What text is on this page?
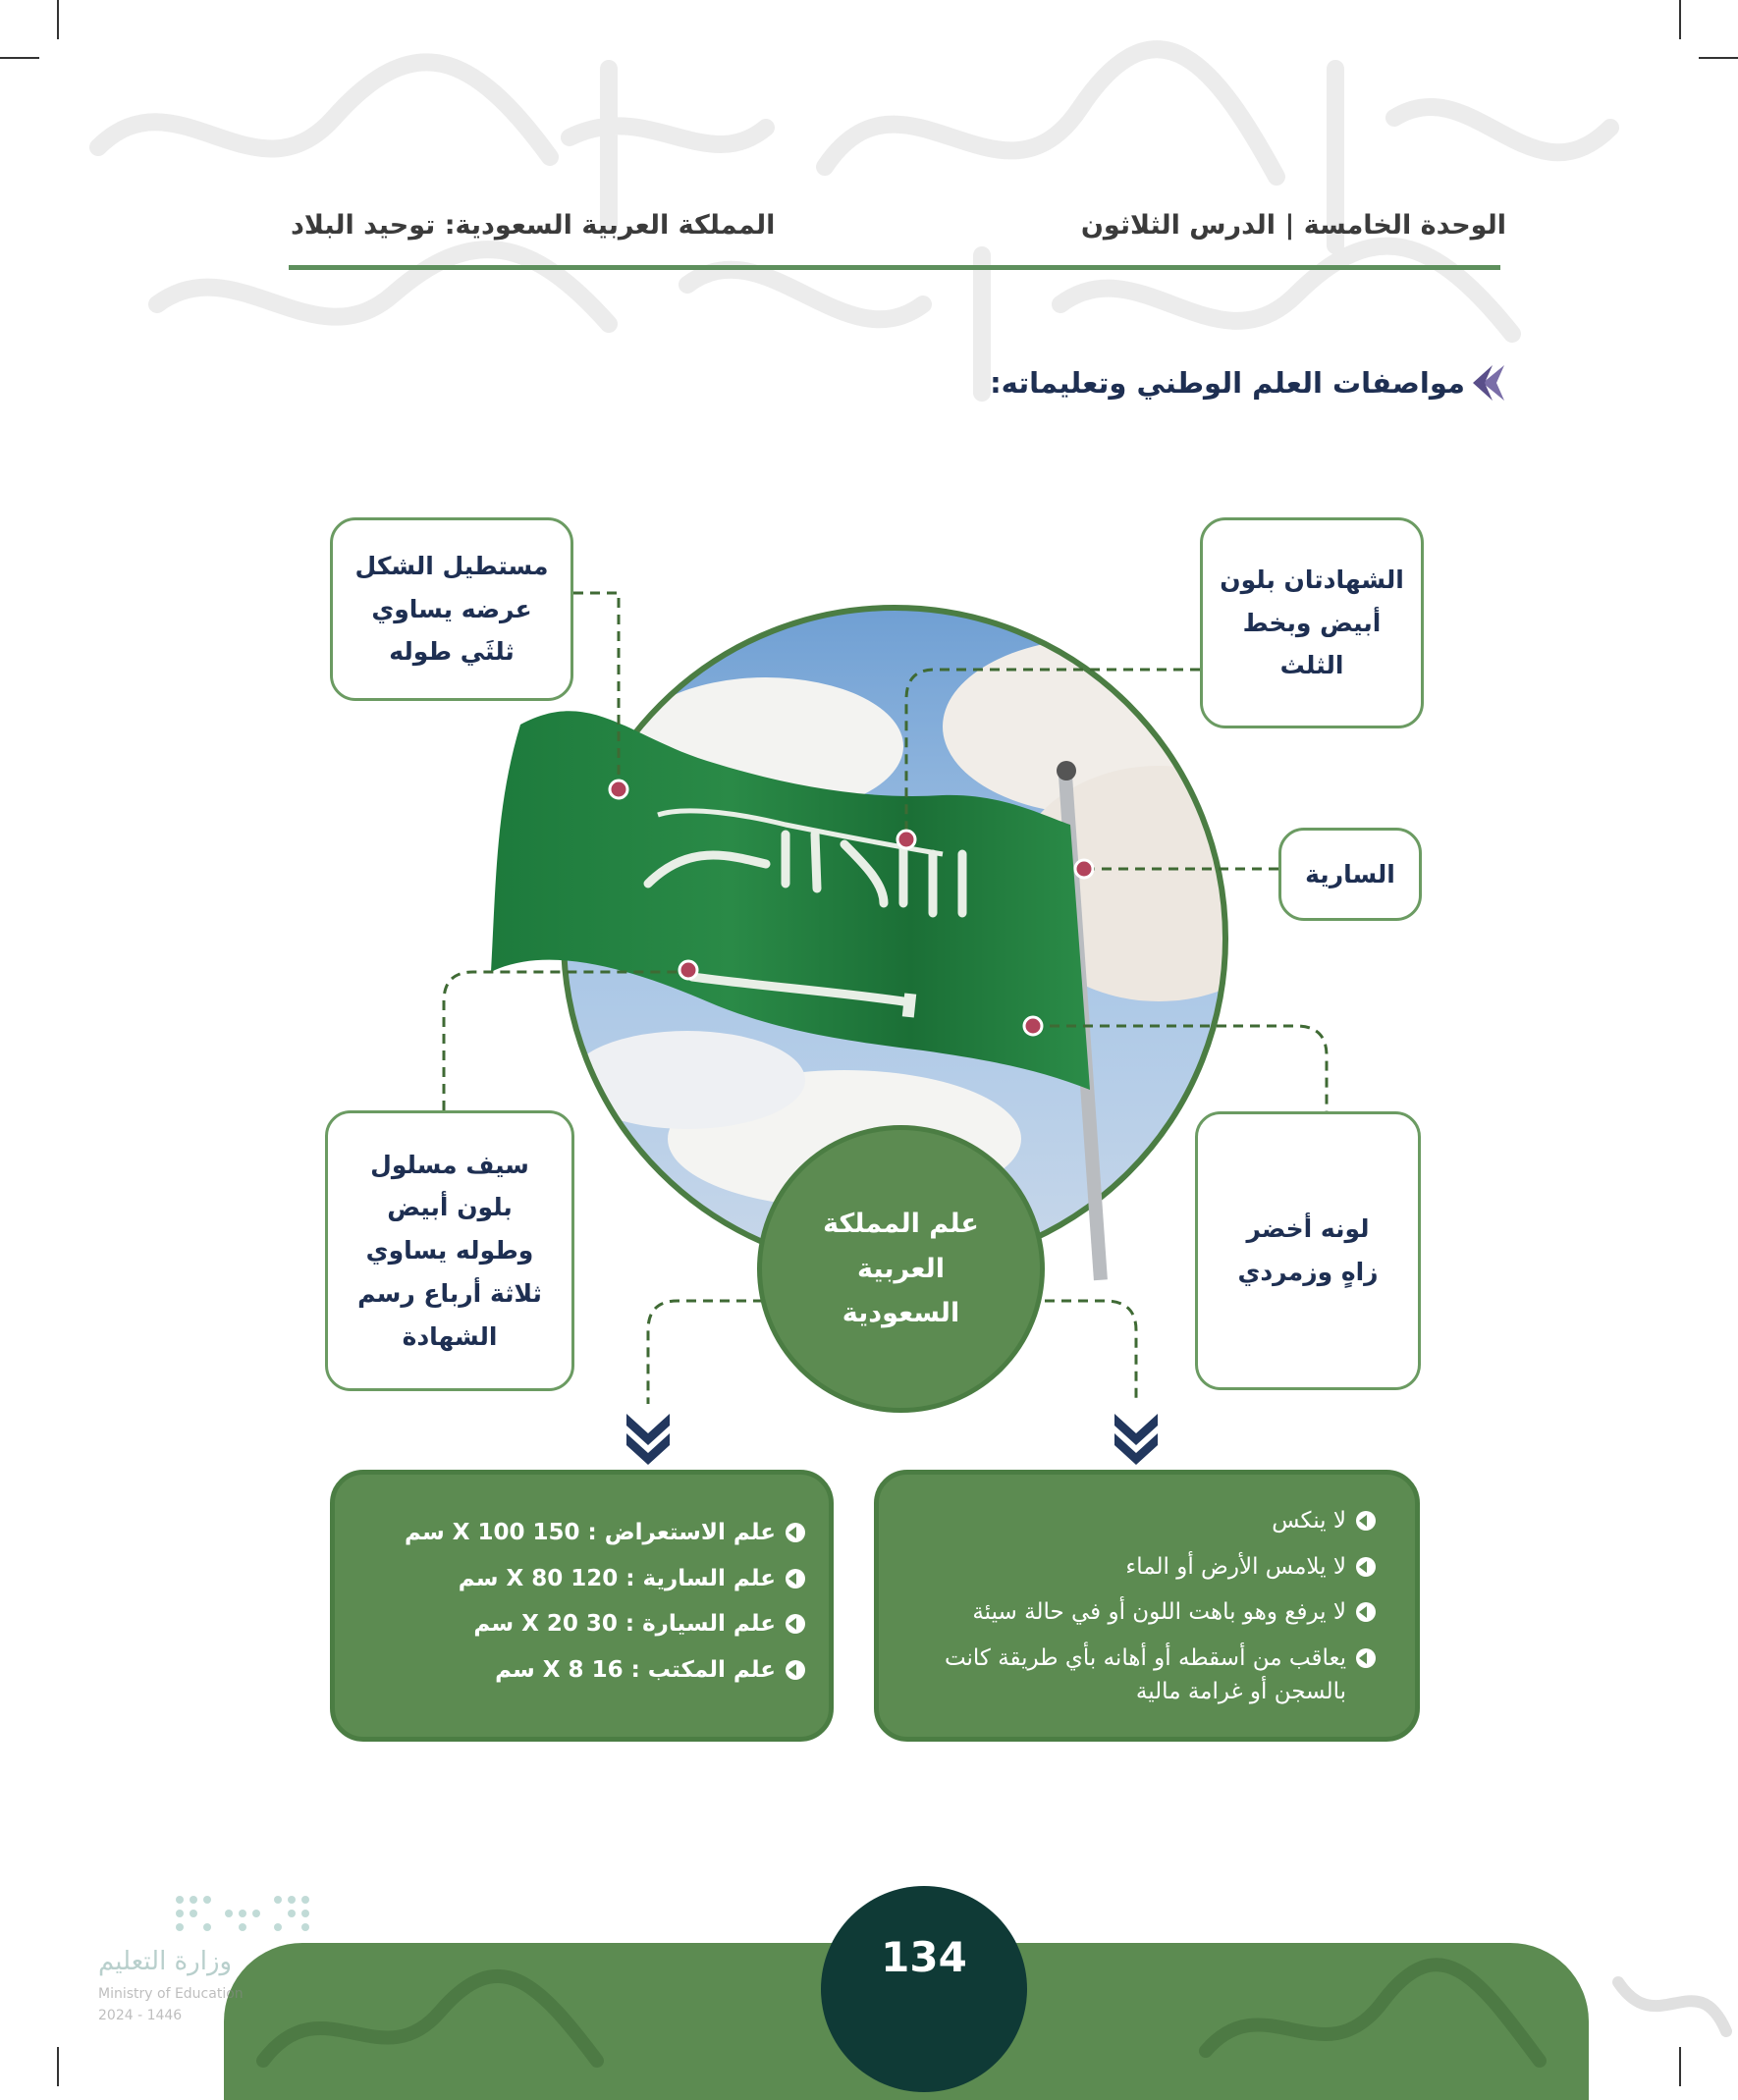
الوحدة الخامسة | الدرس الثلاثون
المملكة العربية السعودية: توحيد البلاد
مواصفات العلم الوطني وتعليماته:
مستطيل الشكل
عرضه يساوي
ثلثَي طوله
الشهادتان بلون
أبيض وبخط
الثلث
السارية
سيف مسلول
بلون أبيض
وطوله يساوي
ثلاثة أرباع رسم
الشهادة
لونه أخضر
زاهٍ وزمردي
علم المملكة
العربية
السعودية
لا ينكس
لا يلامس الأرض أو الماء
لا يرفع وهو باهت اللون أو في حالة سيئة
يعاقب من أسقطه أو أهانه بأي طريقة كانت بالسجن أو غرامة مالية
علم الاستعراض : 150 X 100 سم
علم السارية : 120 X 80 سم
علم السيارة : 30 X 20 سم
علم المكتب : 16 X 8 سم
وزارة التعليم
Ministry of Education
2024 - 1446
134
